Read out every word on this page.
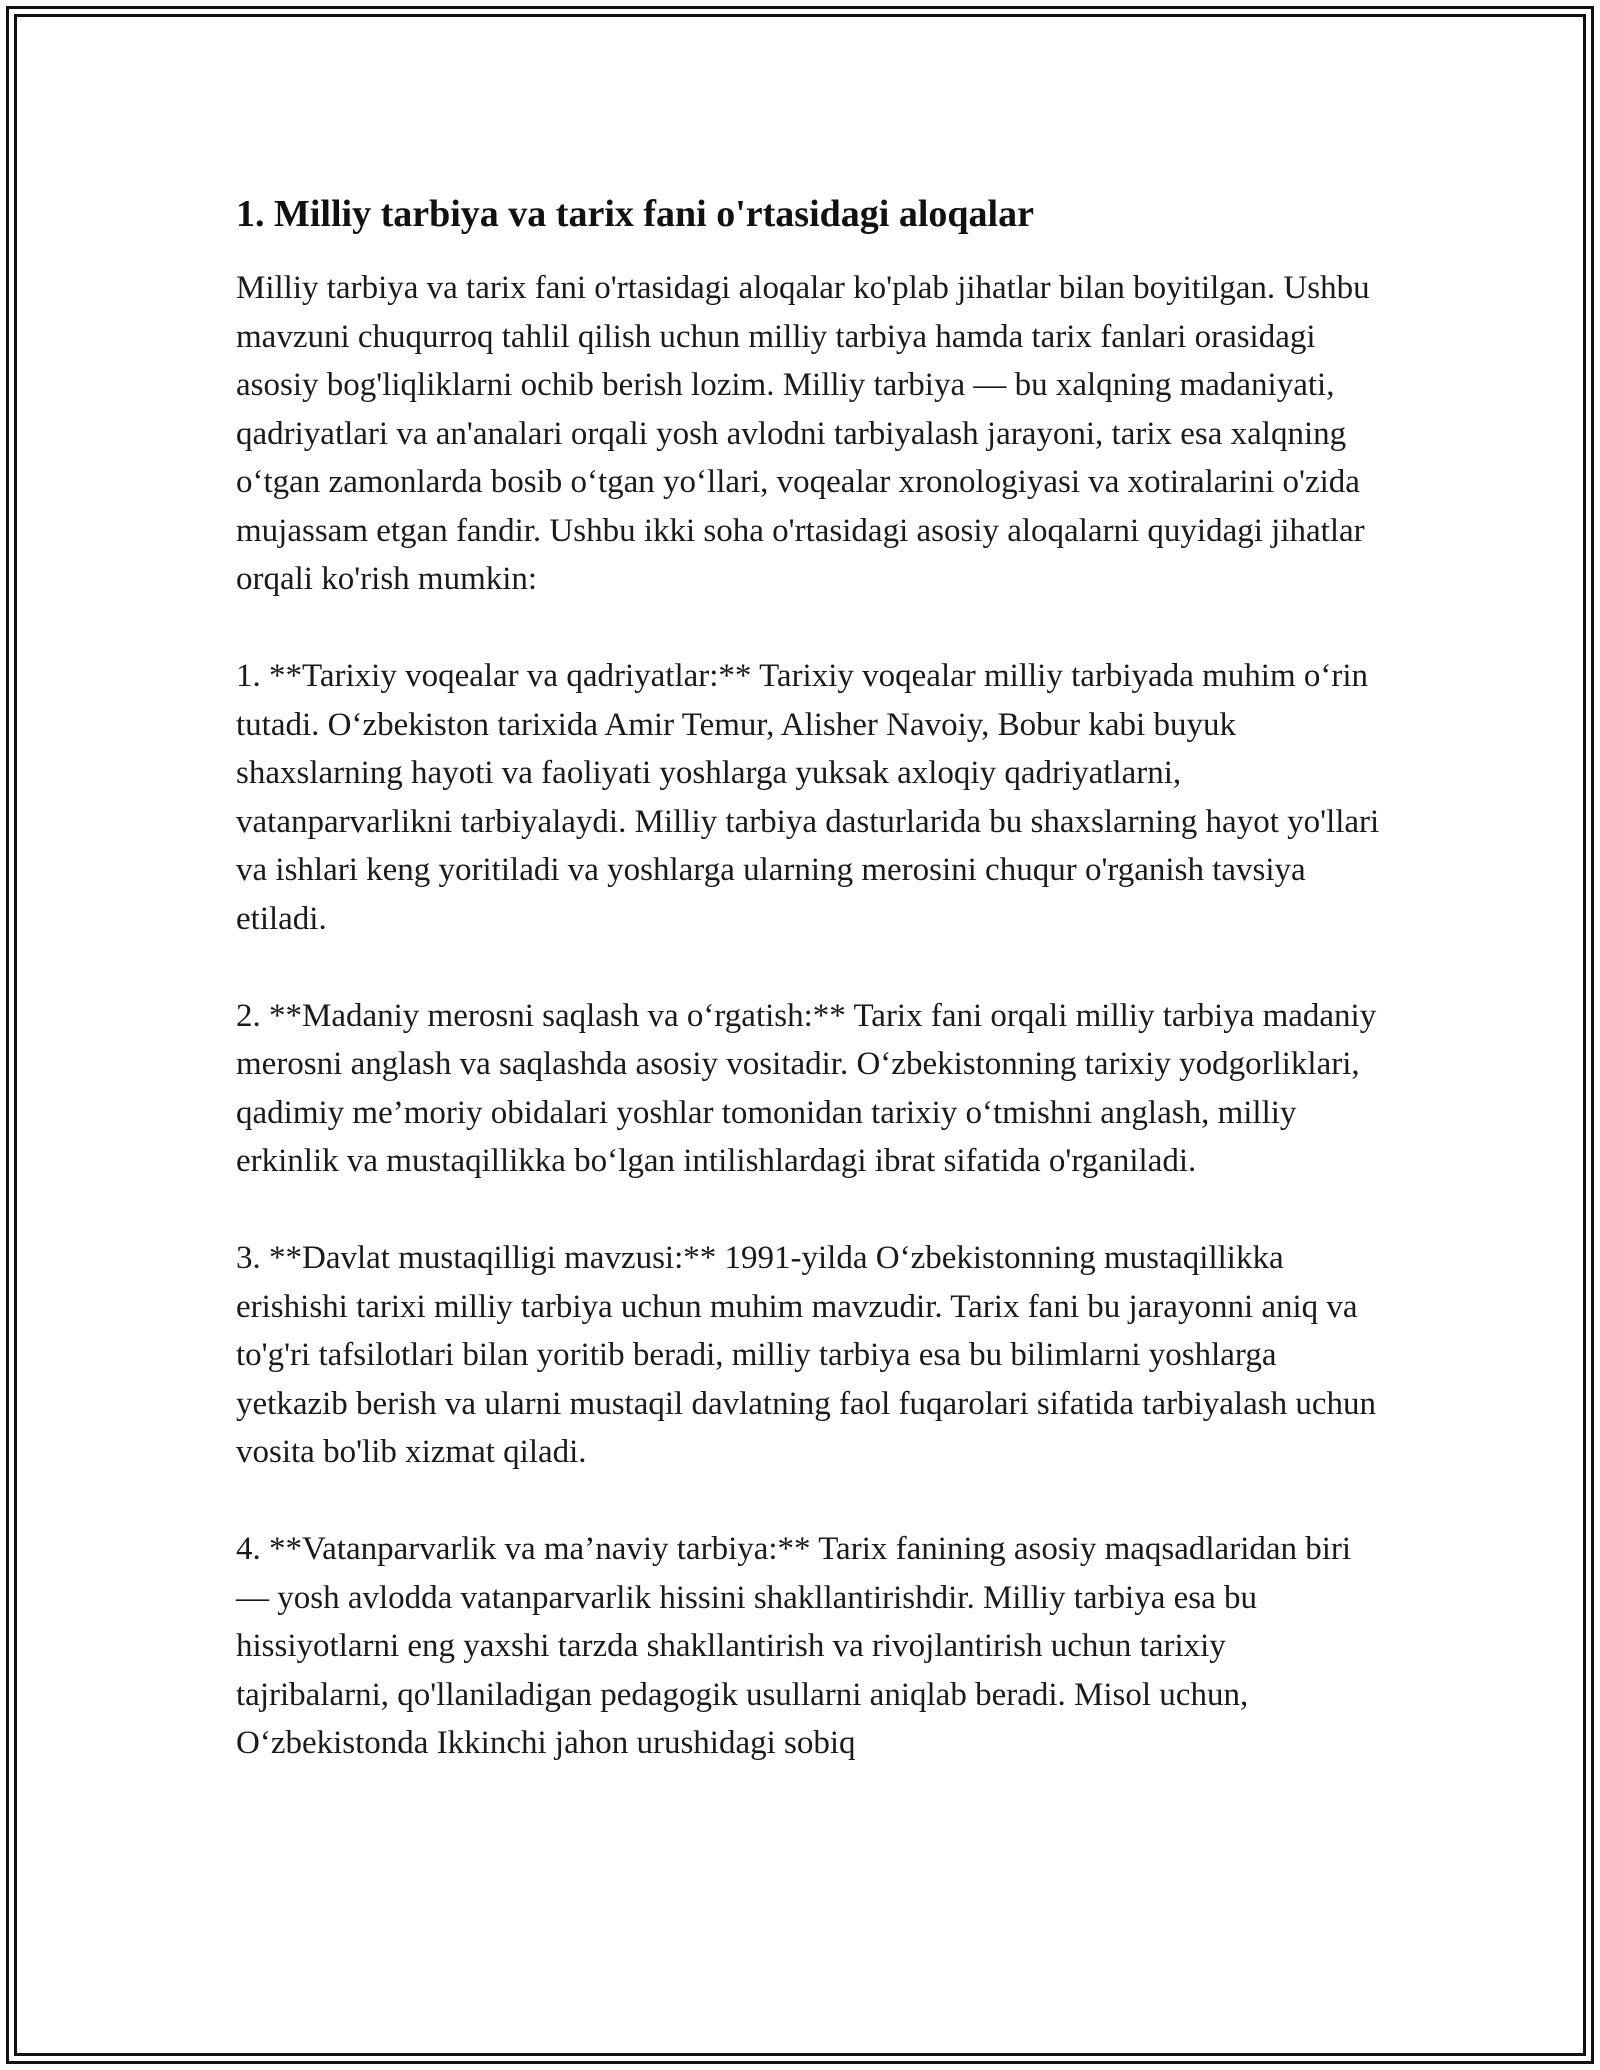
1. Milliy tarbiya va tarix fani o'rtasidagi aloqalar

Milliy tarbiya va tarix fani o'rtasidagi aloqalar ko'plab jihatlar bilan boyitilgan. Ushbu mavzuni chuqurroq tahlil qilish uchun milliy tarbiya hamda tarix fanlari orasidagi asosiy bog'liqliklarni ochib berish lozim. Milliy tarbiya — bu xalqning madaniyati, qadriyatlari va an'analari orqali yosh avlodni tarbiyalash jarayoni, tarix esa xalqning o‘tgan zamonlarda bosib o‘tgan yo‘llari, voqealar xronologiyasi va xotiralarini o'zida mujassam etgan fandir. Ushbu ikki soha o'rtasidagi asosiy aloqalarni quyidagi jihatlar orqali ko'rish mumkin:

1. **Tarixiy voqealar va qadriyatlar:** Tarixiy voqealar milliy tarbiyada muhim o‘rin tutadi. O‘zbekiston tarixida Amir Temur, Alisher Navoiy, Bobur kabi buyuk shaxslarning hayoti va faoliyati yoshlarga yuksak axloqiy qadriyatlarni, vatanparvarlikni tarbiyalaydi. Milliy tarbiya dasturlarida bu shaxslarning hayot yo'llari va ishlari keng yoritiladi va yoshlarga ularning merosini chuqur o'rganish tavsiya etiladi.

2. **Madaniy merosni saqlash va o‘rgatish:** Tarix fani orqali milliy tarbiya madaniy merosni anglash va saqlashda asosiy vositadir. O‘zbekistonning tarixiy yodgorliklari, qadimiy me’moriy obidalari yoshlar tomonidan tarixiy o‘tmishni anglash, milliy erkinlik va mustaqillikka bo‘lgan intilishlardagi ibrat sifatida o'rganiladi.

3. **Davlat mustaqilligi mavzusi:** 1991-yilda O‘zbekistonning mustaqillikka erishishi tarixi milliy tarbiya uchun muhim mavzudir. Tarix fani bu jarayonni aniq va to'g'ri tafsilotlari bilan yoritib beradi, milliy tarbiya esa bu bilimlarni yoshlarga yetkazib berish va ularni mustaqil davlatning faol fuqarolari sifatida tarbiyalash uchun vosita bo'lib xizmat qiladi.

4. **Vatanparvarlik va ma’naviy tarbiya:** Tarix fanining asosiy maqsadlaridan biri — yosh avlodda vatanparvarlik hissini shakllantirishdir. Milliy tarbiya esa bu hissiyotlarni eng yaxshi tarzda shakllantirish va rivojlantirish uchun tarixiy tajribalarni, qo'llaniladigan pedagogik usullarni aniqlab beradi. Misol uchun, O‘zbekistonda Ikkinchi jahon urushidagi sobiq
